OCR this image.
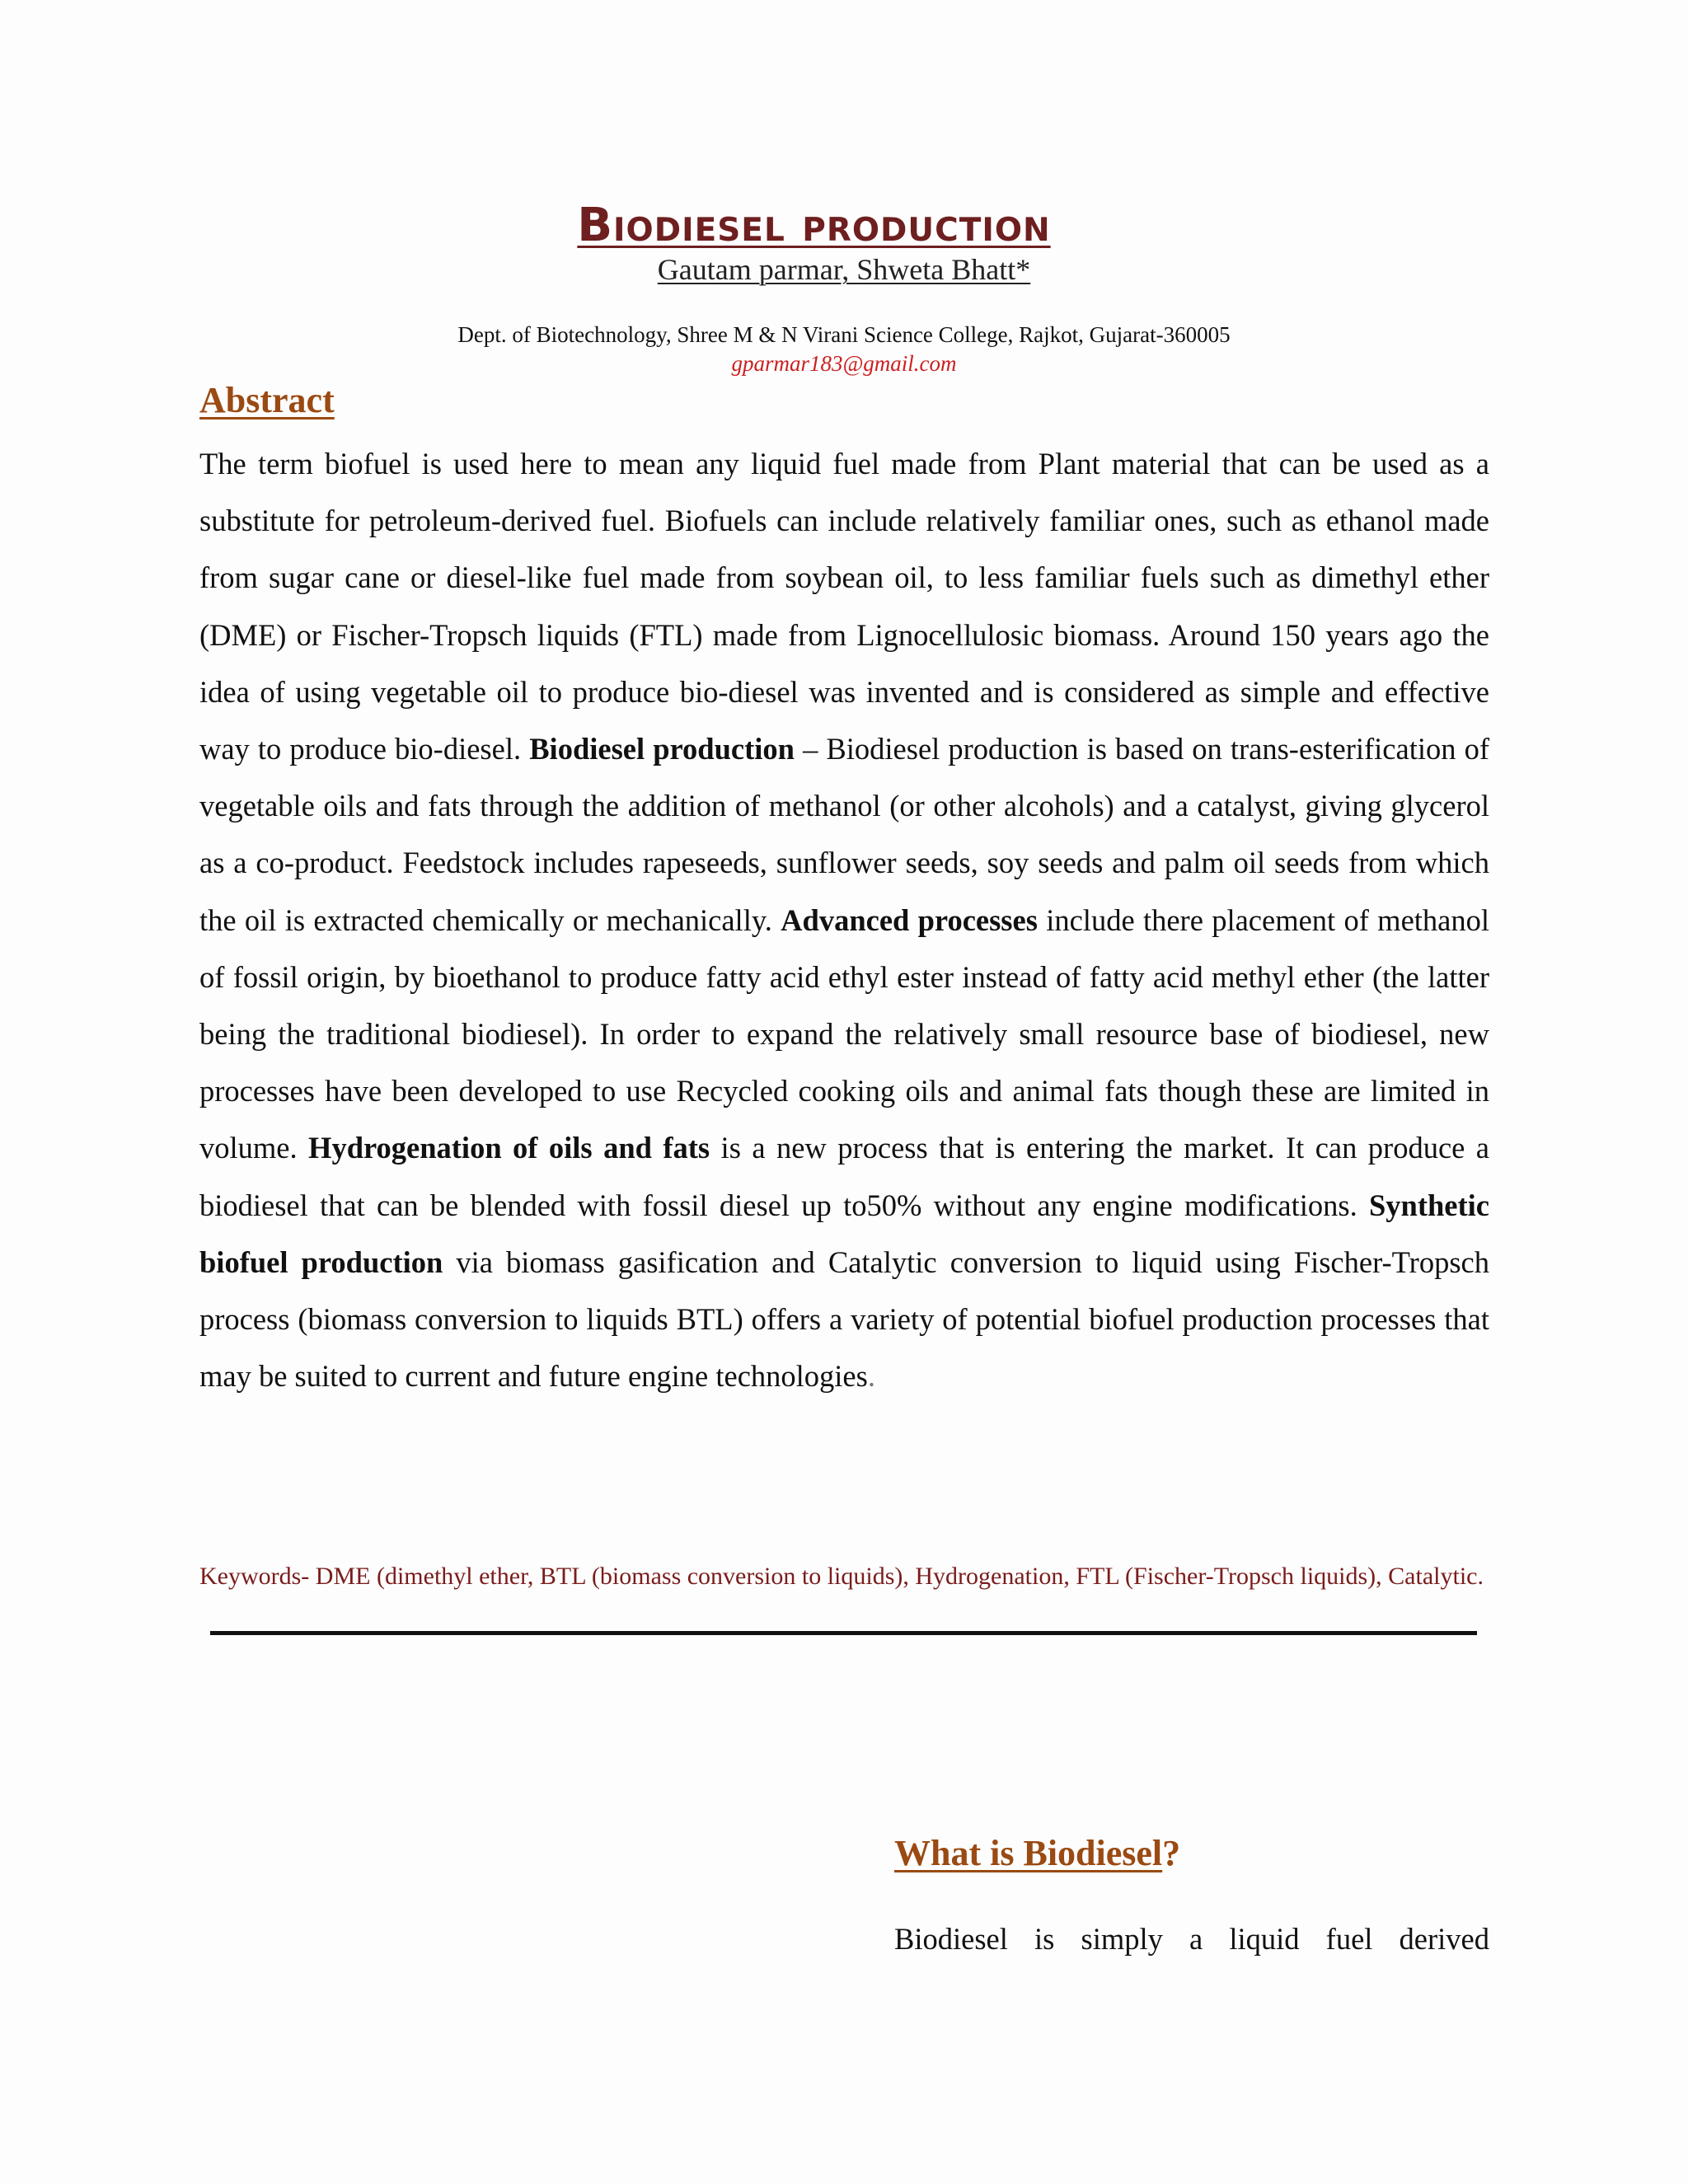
Biodiesel production
Gautam parmar, Shweta Bhatt*
Dept. of Biotechnology, Shree M & N Virani Science College, Rajkot, Gujarat-360005
gparmar183@gmail.com
Abstract
The term biofuel is used here to mean any liquid fuel made from Plant material that can be used as a substitute for petroleum-derived fuel. Biofuels can include relatively familiar ones, such as ethanol made from sugar cane or diesel-like fuel made from soybean oil, to less familiar fuels such as dimethyl ether (DME) or Fischer-Tropsch liquids (FTL) made from Lignocellulosic biomass. Around 150 years ago the idea of using vegetable oil to produce bio-diesel was invented and is considered as simple and effective way to produce bio-diesel. Biodiesel production – Biodiesel production is based on trans-esterification of vegetable oils and fats through the addition of methanol (or other alcohols) and a catalyst, giving glycerol as a co-product. Feedstock includes rapeseeds, sunflower seeds, soy seeds and palm oil seeds from which the oil is extracted chemically or mechanically. Advanced processes include there placement of methanol of fossil origin, by bioethanol to produce fatty acid ethyl ester instead of fatty acid methyl ether (the latter being the traditional biodiesel). In order to expand the relatively small resource base of biodiesel, new processes have been developed to use Recycled cooking oils and animal fats though these are limited in volume. Hydrogenation of oils and fats is a new process that is entering the market. It can produce a biodiesel that can be blended with fossil diesel up to50% without any engine modifications. Synthetic biofuel production via biomass gasification and Catalytic conversion to liquid using Fischer-Tropsch process (biomass conversion to liquids BTL) offers a variety of potential biofuel production processes that may be suited to current and future engine technologies.
Keywords- DME (dimethyl ether, BTL (biomass conversion to liquids), Hydrogenation, FTL (Fischer-Tropsch liquids), Catalytic.
What is Biodiesel?
Biodiesel is simply a liquid fuel derived
